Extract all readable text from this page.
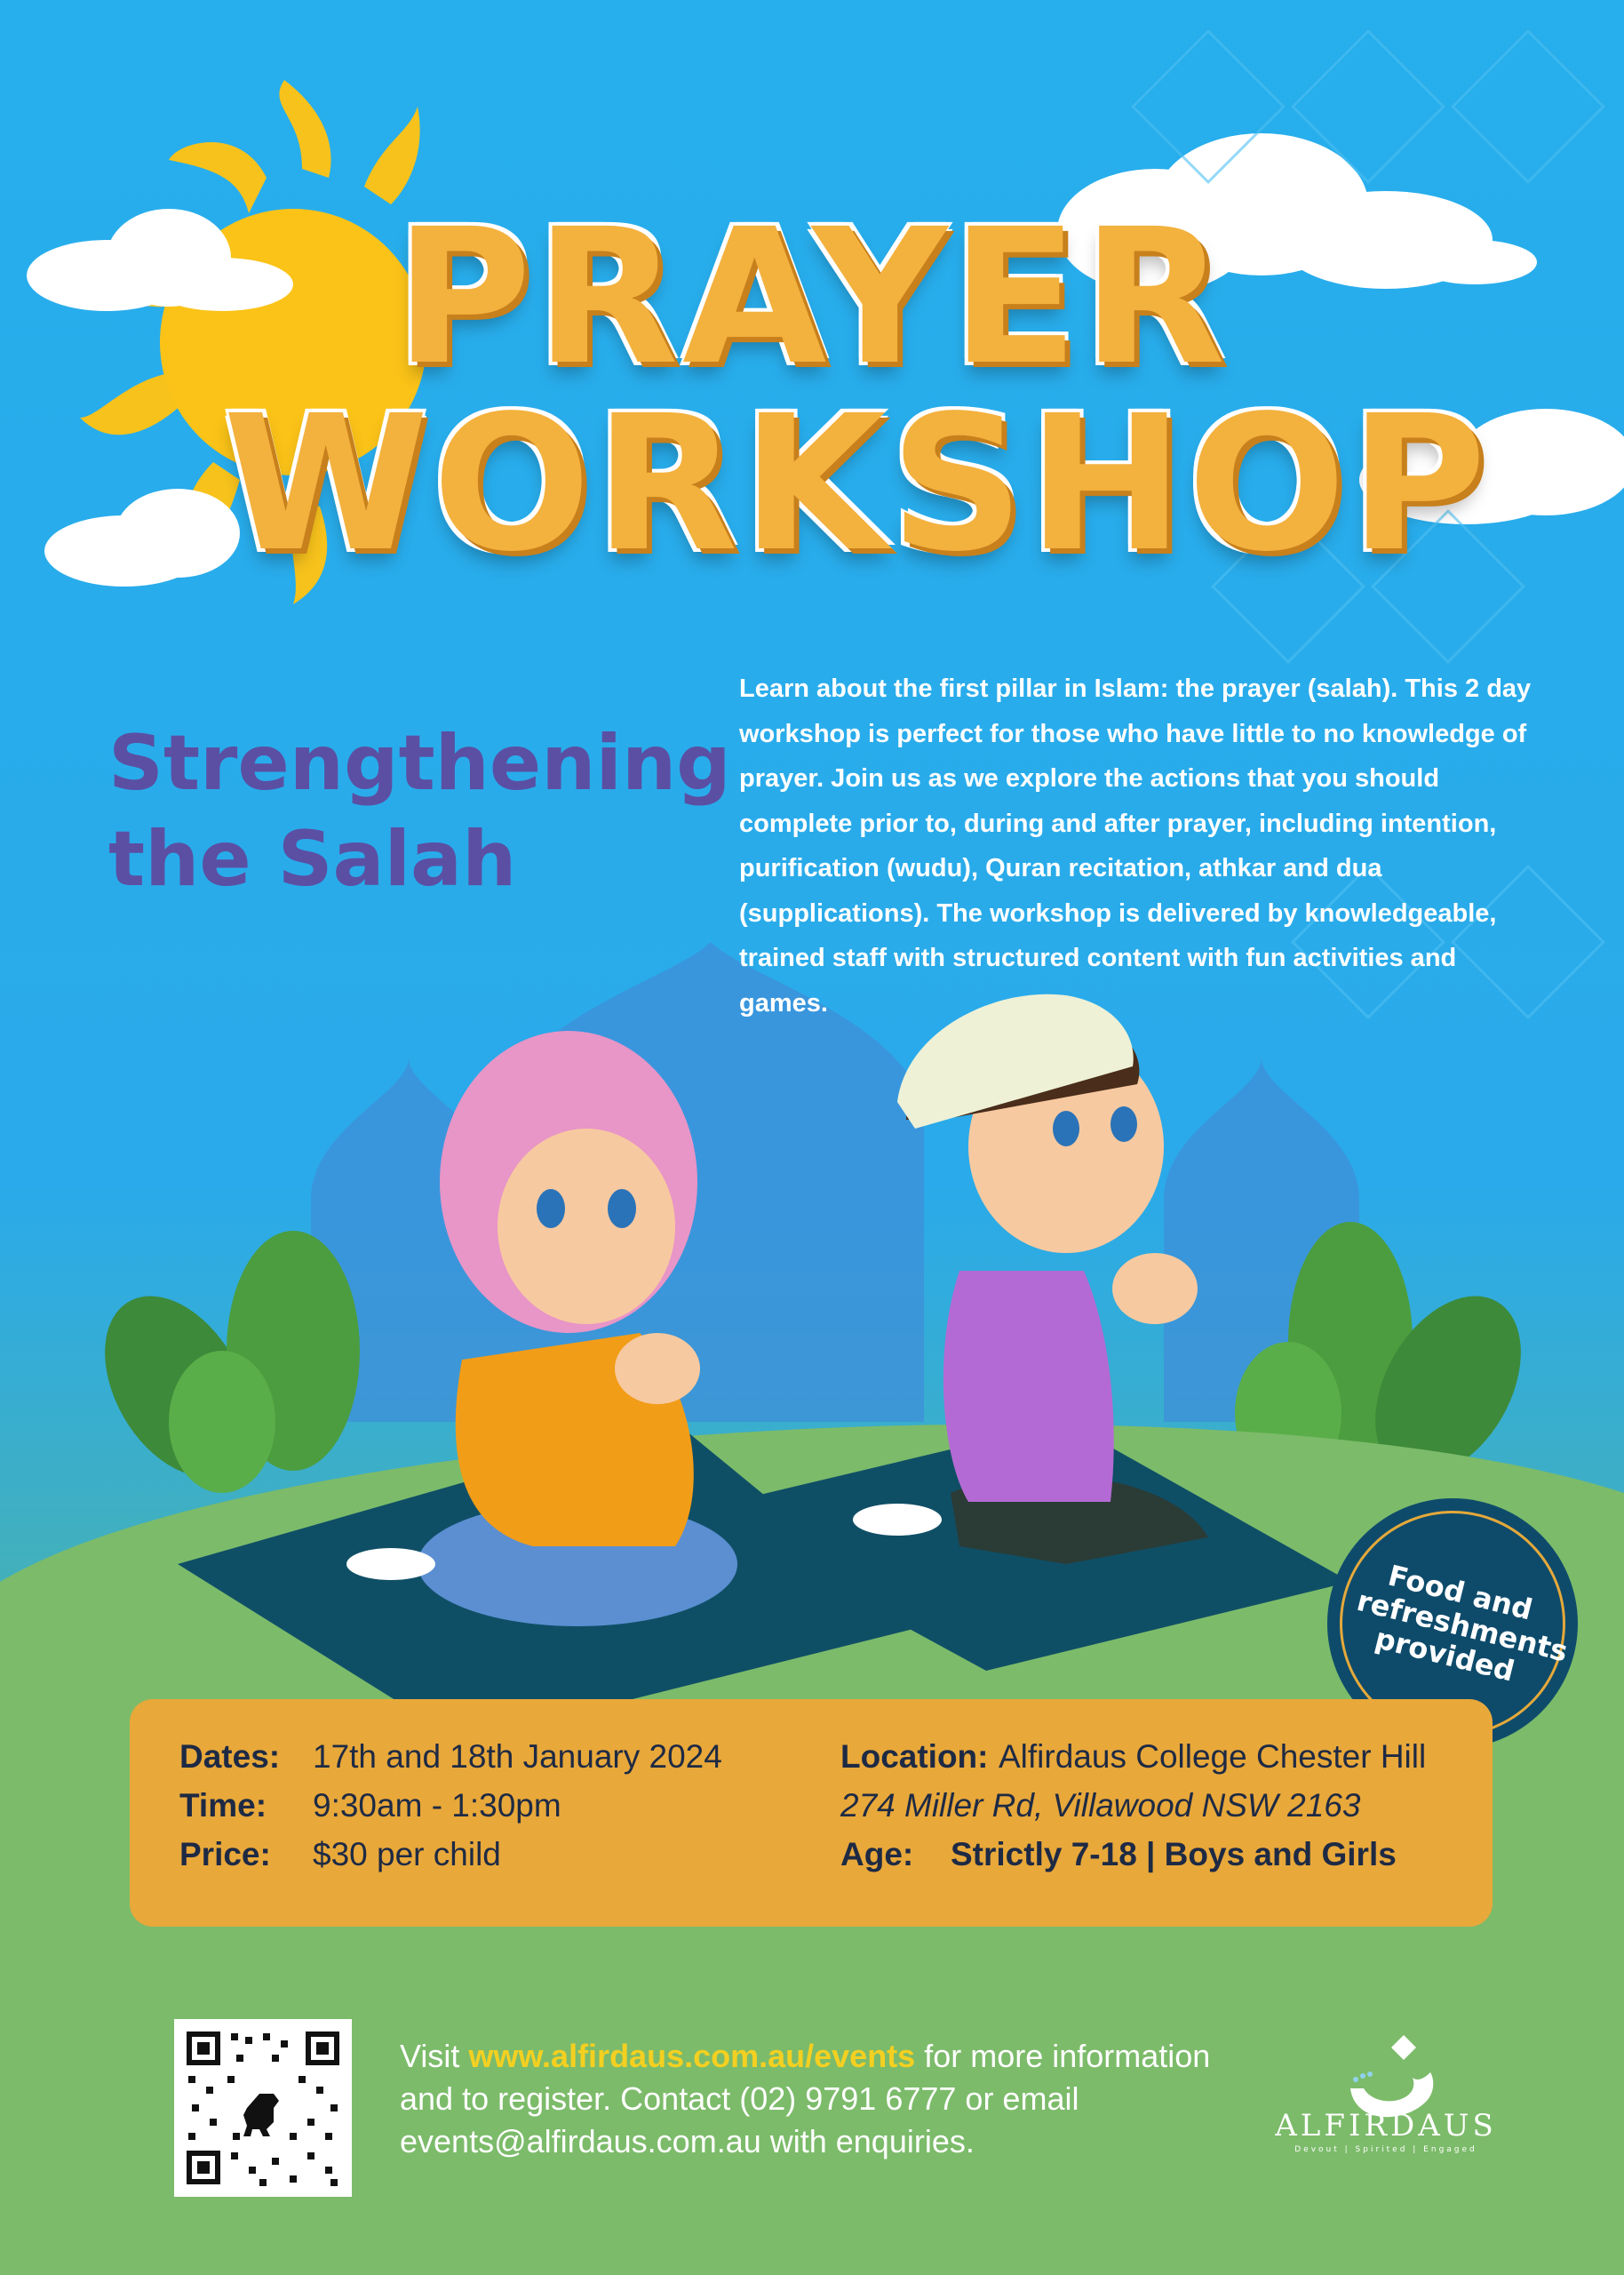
PRAYER
WORKSHOP
Strengthening the Salah

Learn about the first pillar in Islam: the prayer (salah). This 2 day workshop is perfect for those who have little to no knowledge of prayer. Join us as we explore the actions that you should complete prior to, during and after prayer, including intention, purification (wudu), Quran recitation, athkar and dua (supplications). The workshop is delivered by knowledgeable, trained staff with structured content with fun activities and games.

Food and refreshments provided
Dates: 17th and 18th January 2024
Time: 9:30am - 1:30pm
Price: $30 per child
Location: Alfirdaus College Chester Hill
274 Miller Rd, Villawood NSW 2163
Age: Strictly 7-18 | Boys and Girls

Visit www.alfirdaus.com.au/events for more information and to register. Contact (02) 9791 6777 or email events@alfirdaus.com.au with enquiries.	ALFIRDAUS
Devout | Spirited | Engaged
